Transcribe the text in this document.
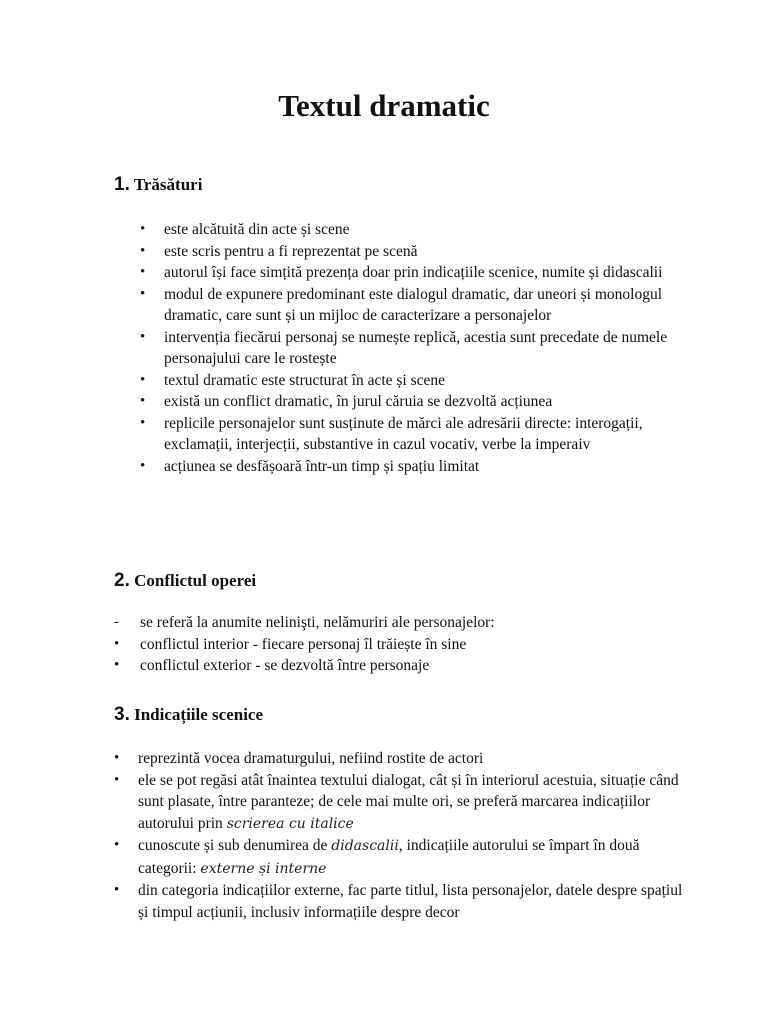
Textul dramatic
1. Trăsături
•	este alcătuită din acte și scene
•	este scris pentru a fi reprezentat pe scenă
•	autorul își face simțită prezența doar prin indicațiile scenice, numite și didascalii
•	modul de expunere predominant este dialogul dramatic, dar uneori și monologul dramatic, care sunt și un mijloc de caracterizare a personajelor
•	intervenția fiecărui personaj se numește replică, acestia sunt precedate de numele personajului care le rostește
•	textul dramatic este structurat în acte și scene
•	există un conflict dramatic, în jurul căruia se dezvoltă acțiunea
•	replicile personajelor sunt susținute de mărci ale adresării directe: interogații, exclamații, interjecții, substantive in cazul vocativ, verbe la imperaiv
•	acțiunea se desfășoară într-un timp și spațiu limitat
2. Conflictul operei
-	se referă la anumite nelinişti, nelămuriri ale personajelor:
•	conflictul interior - fiecare personaj îl trăiește în sine
•	conflictul exterior - se dezvoltă între personaje
3. Indicațiile scenice
•	reprezintă vocea dramaturgului, nefiind rostite de actori
•	ele se pot regăsi atât înaintea textului dialogat, cât și în interiorul acestuia, situație când sunt plasate, între paranteze; de cele mai multe ori, se preferă marcarea indicațiilor autorului prin scrierea cu italice
•	cunoscute și sub denumirea de didascalii, indicațiile autorului se împart în două categorii: externe și interne
•	din categoria indicațiilor externe, fac parte titlul, lista personajelor, datele despre spațiul și timpul acțiunii, inclusiv informațiile despre decor
